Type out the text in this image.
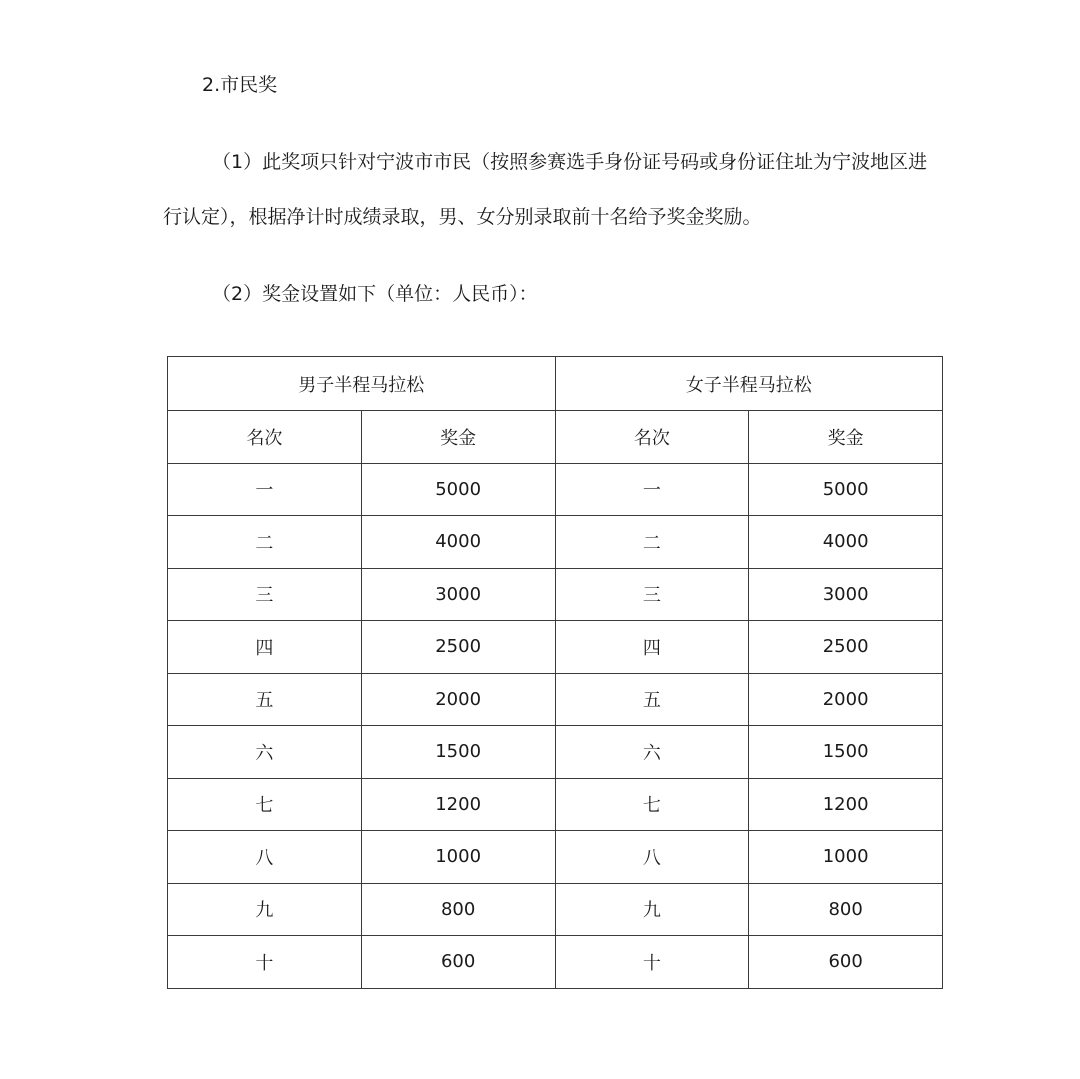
2.市民奖
（1）此奖项只针对宁波市市民（按照参赛选手身份证号码或身份证住址为宁波地区进
行认定），根据净计时成绩录取，男、女分别录取前十名给予奖金奖励。
（2）奖金设置如下（单位：人民币）：
男子半程马拉松		女子半程马拉松	
名次	奖金	名次	奖金
一	5000	一	5000
二	4000	二	4000
三	3000	三	3000
四	2500	四	2500
五	2000	五	2000
六	1500	六	1500
七	1200	七	1200
八	1000	八	1000
九	800	九	800
十	600	十	600
